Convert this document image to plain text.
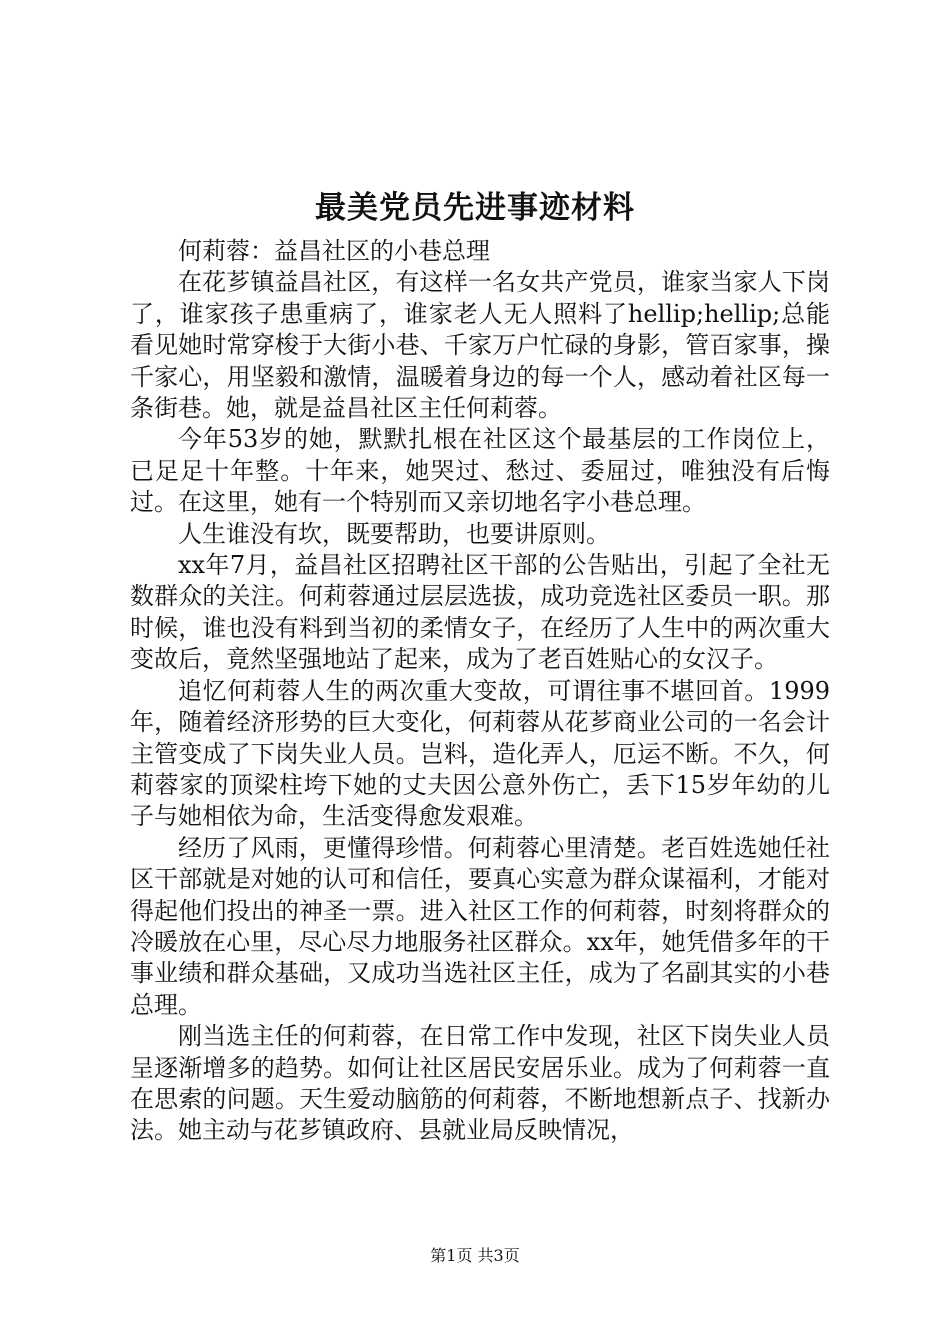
最美党员先进事迹材料

何莉蓉：益昌社区的小巷总理

在花芗镇益昌社区，有这样一名女共产党员，谁家当家人下岗了，谁家孩子患重病了，谁家老人无人照料了hellip;hellip;总能看见她时常穿梭于大街小巷、千家万户忙碌的身影，管百家事，操千家心，用坚毅和激情，温暖着身边的每一个人，感动着社区每一条街巷。她，就是益昌社区主任何莉蓉。

今年53岁的她，默默扎根在社区这个最基层的工作岗位上，已足足十年整。十年来，她哭过、愁过、委屈过，唯独没有后悔过。在这里，她有一个特别而又亲切地名字小巷总理。

人生谁没有坎，既要帮助，也要讲原则。

xx年7月，益昌社区招聘社区干部的公告贴出，引起了全社无数群众的关注。何莉蓉通过层层选拔，成功竞选社区委员一职。那时候，谁也没有料到当初的柔情女子，在经历了人生中的两次重大变故后，竟然坚强地站了起来，成为了老百姓贴心的女汉子。

追忆何莉蓉人生的两次重大变故，可谓往事不堪回首。1999年，随着经济形势的巨大变化，何莉蓉从花芗商业公司的一名会计主管变成了下岗失业人员。岂料，造化弄人，厄运不断。不久，何莉蓉家的顶梁柱垮下她的丈夫因公意外伤亡，丢下15岁年幼的儿子与她相依为命，生活变得愈发艰难。

经历了风雨，更懂得珍惜。何莉蓉心里清楚。老百姓选她任社区干部就是对她的认可和信任，要真心实意为群众谋福利，才能对得起他们投出的神圣一票。进入社区工作的何莉蓉，时刻将群众的冷暖放在心里，尽心尽力地服务社区群众。xx年，她凭借多年的干事业绩和群众基础，又成功当选社区主任，成为了名副其实的小巷总理。

刚当选主任的何莉蓉，在日常工作中发现，社区下岗失业人员呈逐渐增多的趋势。如何让社区居民安居乐业。成为了何莉蓉一直在思索的问题。天生爱动脑筋的何莉蓉，不断地想新点子、找新办法。她主动与花芗镇政府、县就业局反映情况，

第1页 共3页
